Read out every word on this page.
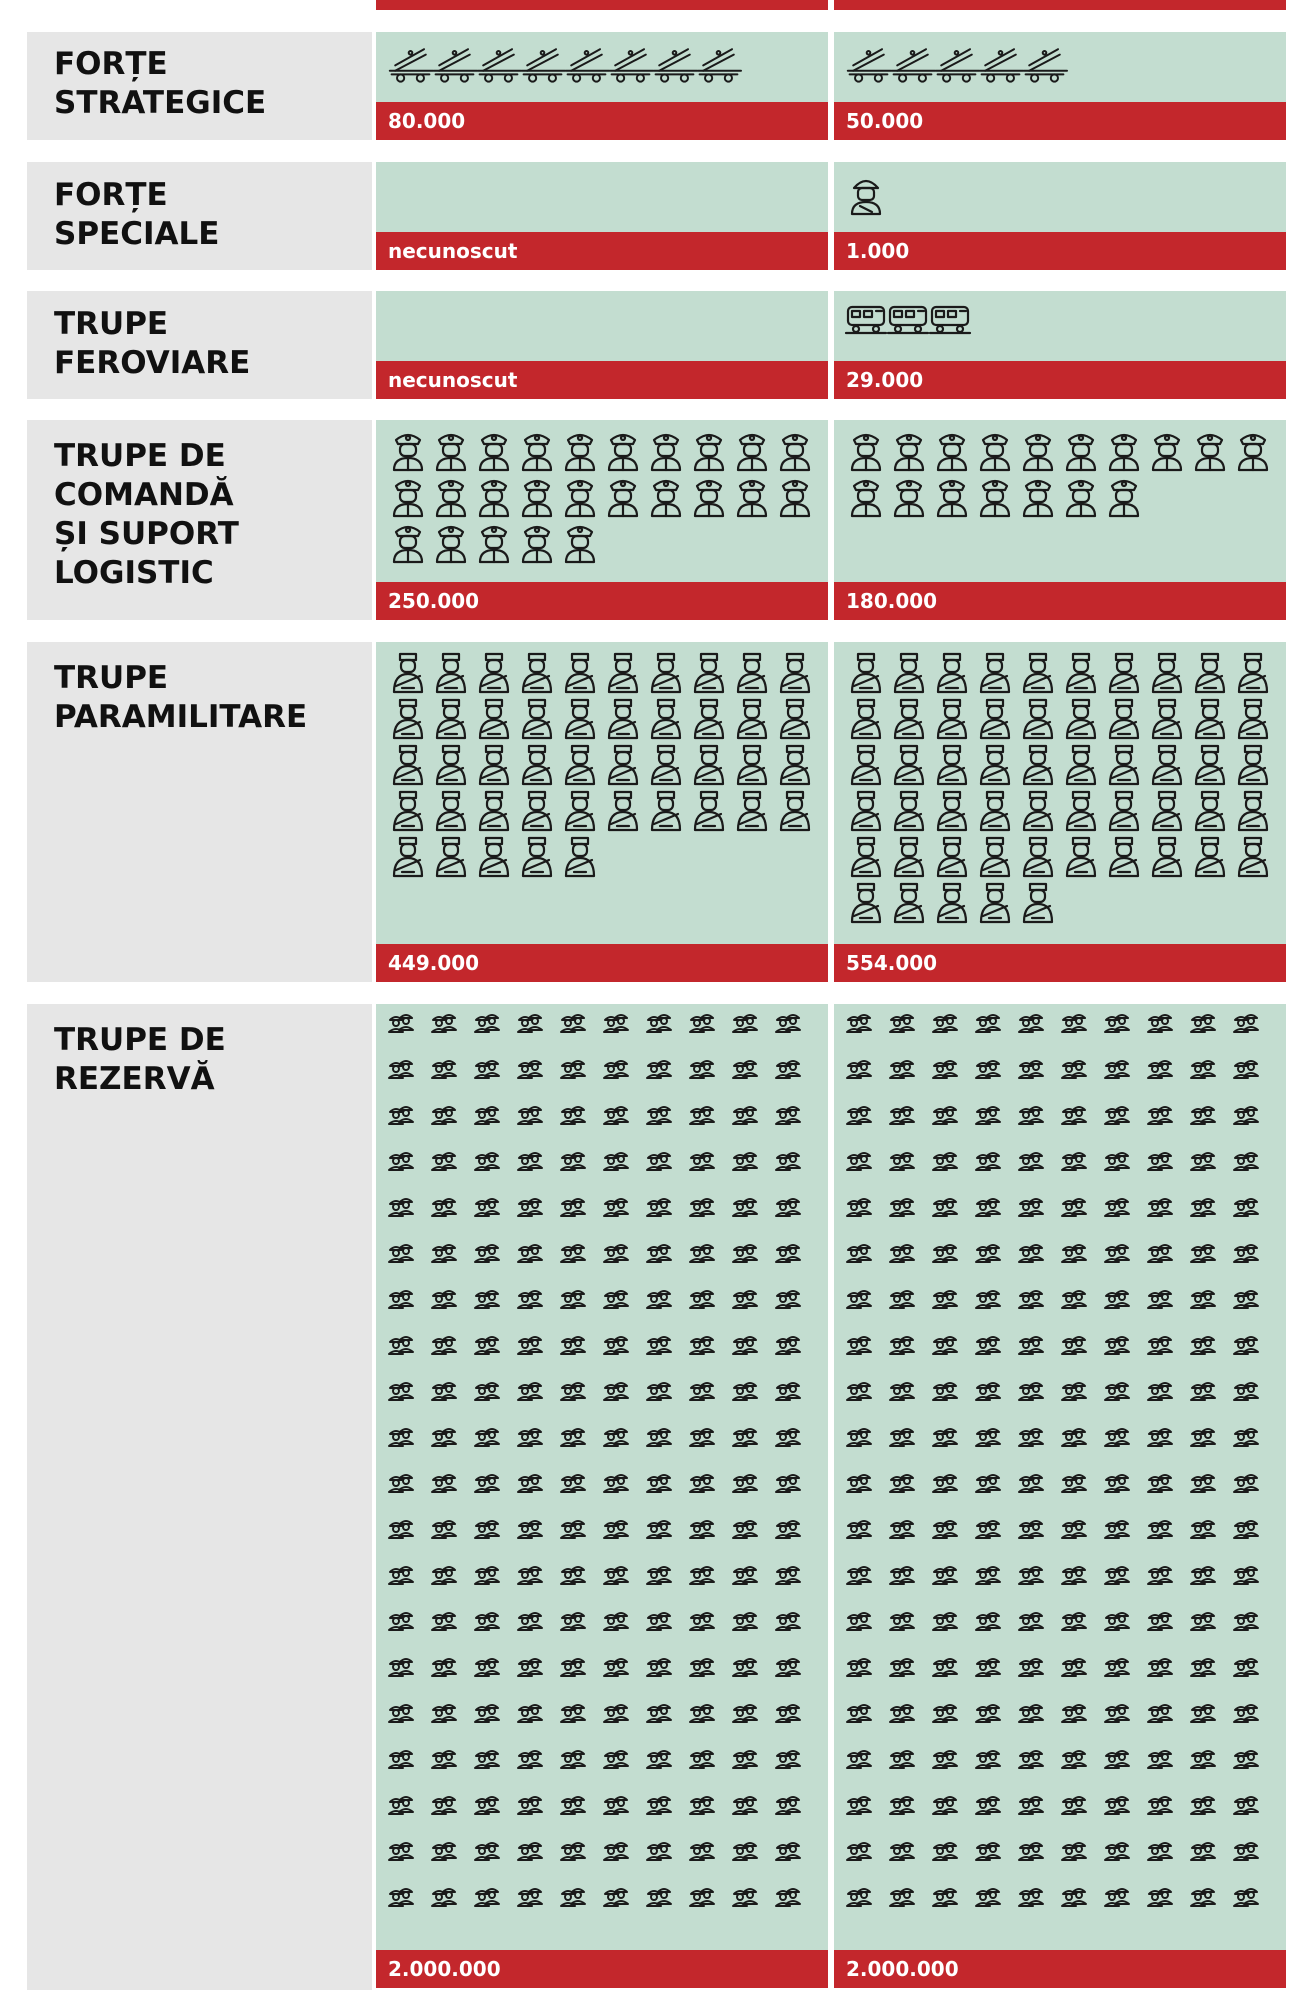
FORȚE
STRATEGICE	80.000	50.000
FORȚE
SPECIALE	necunoscut	1.000
TRUPE
FEROVIARE	necunoscut	29.000
TRUPE DE
COMANDĂ
ȘI SUPORT
LOGISTIC
250.000	180.000
TRUPE
PARAMILITARE
449.000	554.000
TRUPE DE
REZERVĂ
2.000.000	2.000.000
